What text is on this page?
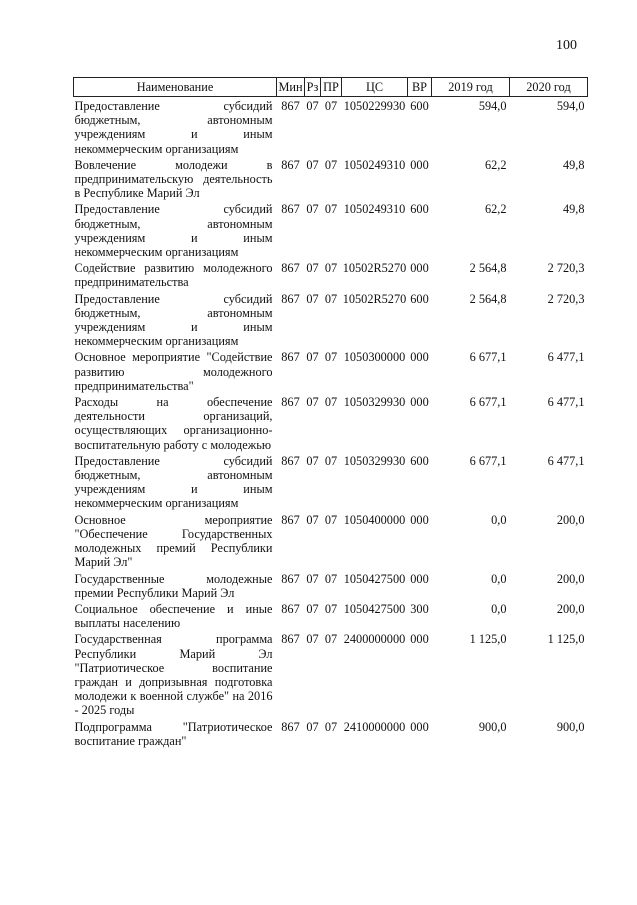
100
Наименование	Мин	Рз	ПР	ЦС	ВР	2019 год	2020 год
Предоставление субсидий бюджетным, автономным учреждениям и иным некоммерческим организациям	867	07	07	1050229930	600	594,0	594,0
Вовлечение молодежи в предпринимательскую деятельность в Республике Марий Эл	867	07	07	1050249310	000	62,2	49,8
Предоставление субсидий бюджетным, автономным учреждениям и иным некоммерческим организациям	867	07	07	1050249310	600	62,2	49,8
Содействие развитию молодежного предпринимательства	867	07	07	10502R5270	000	2 564,8	2 720,3
Предоставление субсидий бюджетным, автономным учреждениям и иным некоммерческим организациям	867	07	07	10502R5270	600	2 564,8	2 720,3
Основное мероприятие "Содействие развитию молодежного предпринимательства"	867	07	07	1050300000	000	6 677,1	6 477,1
Расходы на обеспечение деятельности организаций, осуществляющих организационно-воспитательную работу с молодежью	867	07	07	1050329930	000	6 677,1	6 477,1
Предоставление субсидий бюджетным, автономным учреждениям и иным некоммерческим организациям	867	07	07	1050329930	600	6 677,1	6 477,1
Основное мероприятие "Обеспечение Государственных молодежных премий Республики Марий Эл"	867	07	07	1050400000	000	0,0	200,0
Государственные молодежные премии Республики Марий Эл	867	07	07	1050427500	000	0,0	200,0
Социальное обеспечение и иные выплаты населению	867	07	07	1050427500	300	0,0	200,0
Государственная программа Республики Марий Эл "Патриотическое воспитание граждан и допризывная подготовка молодежи к военной службе" на 2016 - 2025 годы	867	07	07	2400000000	000	1 125,0	1 125,0
Подпрограмма "Патриотическое воспитание граждан"	867	07	07	2410000000	000	900,0	900,0
